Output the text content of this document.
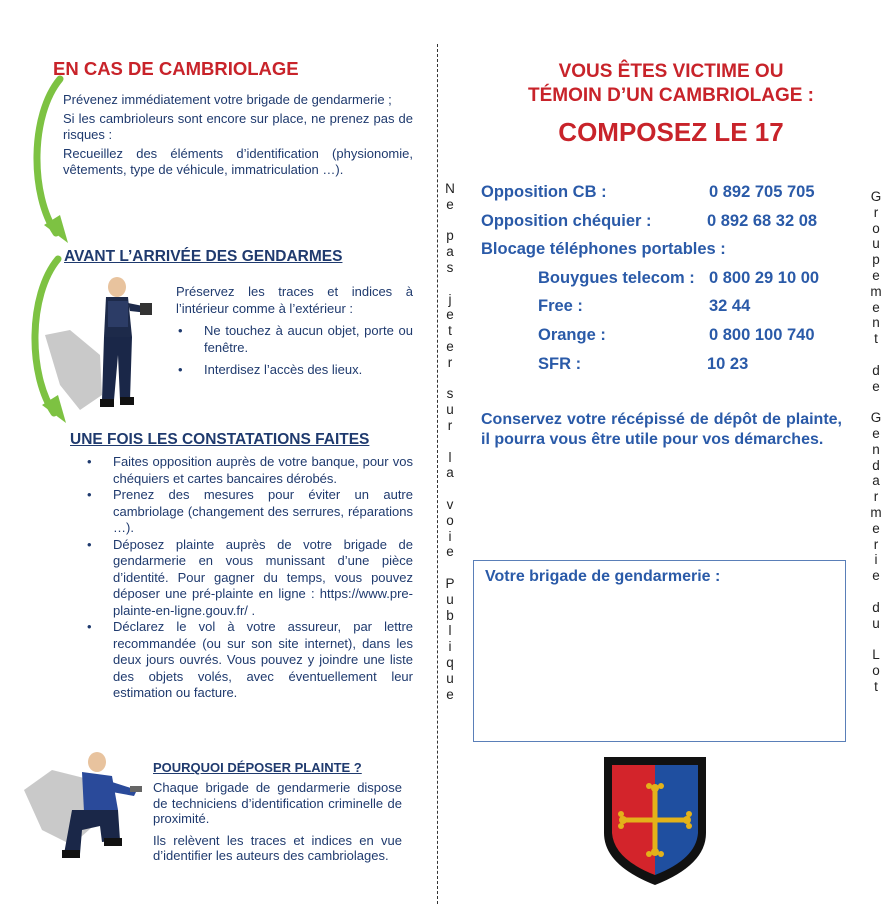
EN CAS DE CAMBRIOLAGE

Prévenez immédiatement votre brigade de gendarmerie ;

Si les cambrioleurs sont encore sur place, ne prenez pas de risques :

Recueillez des éléments d’identification (physionomie, vêtements, type de véhicule, immatriculation …).

AVANT L’ARRIVÉE DES GENDARMES

Préservez les traces et indices à l’intérieur comme à l’extérieur :

• Ne touchez à aucun objet, porte ou fenêtre.

• Interdisez l’accès des lieux.

UNE FOIS LES CONSTATATIONS FAITES

• Faites opposition auprès de votre banque, pour vos chéquiers et cartes bancaires dérobés.

• Prenez des mesures pour éviter un autre cambriolage (changement des serrures, réparations …).

• Déposez plainte auprès de votre brigade de gendarmerie en vous munissant d’une pièce d’identité. Pour gagner du temps, vous pouvez déposer une pré-plainte en ligne : https://www.pre-plainte-en-ligne.gouv.fr/ .

• Déclarez le vol à votre assureur, par lettre recommandée (ou sur son site internet), dans les deux jours ouvrés. Vous pouvez y joindre une liste des objets volés, avec éventuellement leur estimation ou facture.

POURQUOI DÉPOSER PLAINTE ?

Chaque brigade de gendarmerie dispose de techniciens d’identification criminelle de proximité.

Ils relèvent les traces et indices en vue d’identifier les auteurs des cambriolages.

N
e

p
a
s

j
e
t
e
r

s
u
r

l
a

v
o
i
e

P
u
b
l
i
q
u
e
G
r
o
u
p
e
m
e
n
t

d
e

G
e
n
d
a
r
m
e
r
i
e

d
u

L
o
t
VOUS ÊTES VICTIME OU
TÉMOIN D’UN CAMBRIOLAGE :
COMPOSEZ LE 17
Opposition CB :	0 892 705 705
Opposition chéquier :	0 892 68 32 08
Blocage téléphones portables :
Bouygues telecom : 0 800 29 10 00
Free :	32 44
Orange :	0 800 100 740
SFR :	10 23
Conservez votre récépissé de dépôt de plainte, il pourra vous être utile pour vos démarches.
Votre brigade de gendarmerie :
